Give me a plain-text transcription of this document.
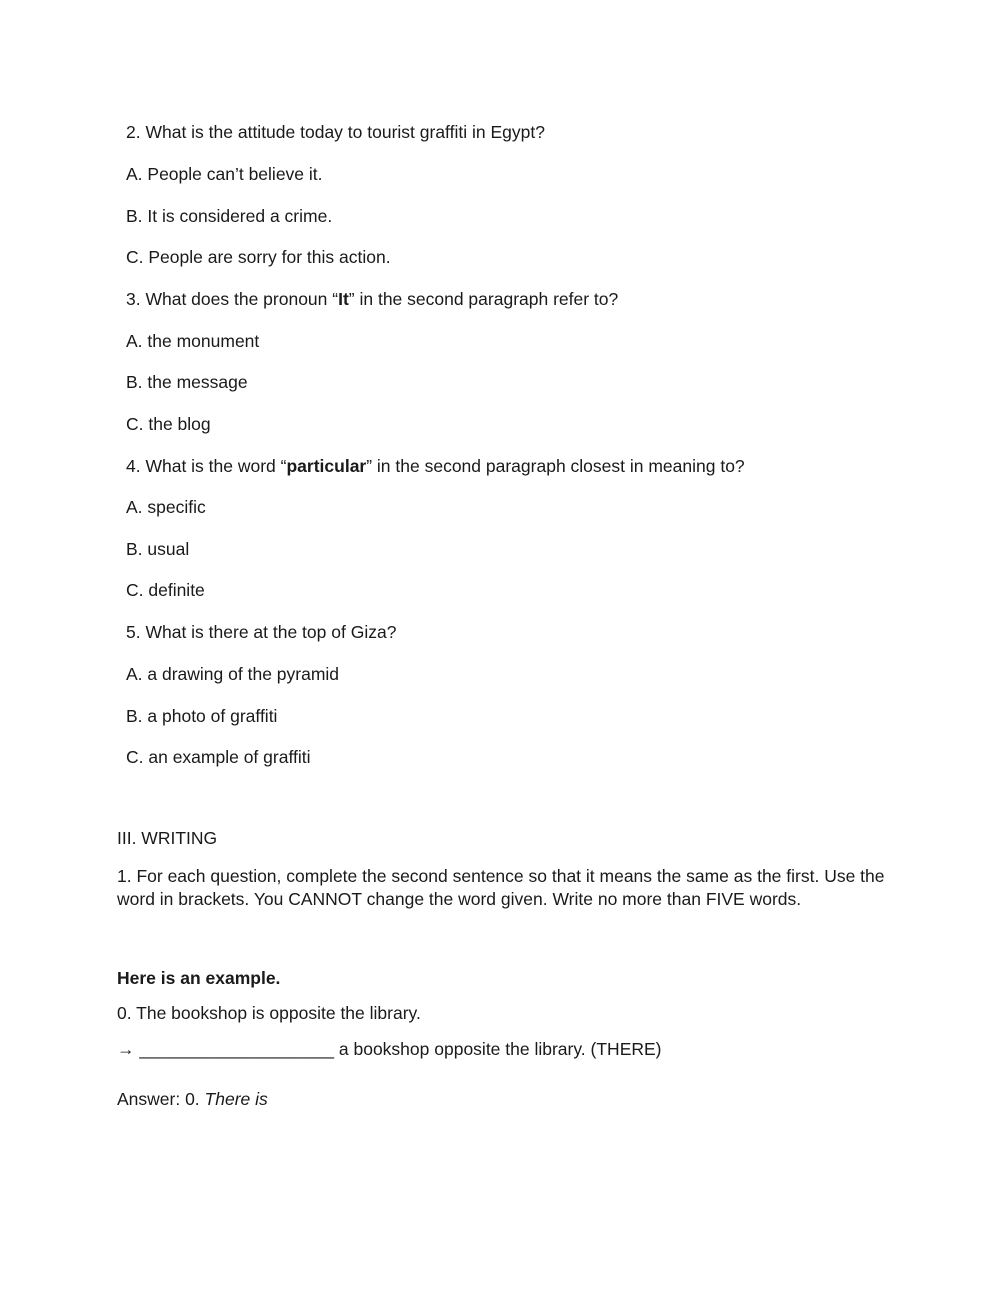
2. What is the attitude today to tourist graffiti in Egypt?
A. People can’t believe it.
B. It is considered a crime.
C. People are sorry for this action.
3. What does the pronoun “It” in the second paragraph refer to?
A. the monument
B. the message
C. the blog
4. What is the word “particular” in the second paragraph closest in meaning to?
A. specific
B. usual
C. definite
5. What is there at the top of Giza?
A. a drawing of the pyramid
B. a photo of graffiti
C. an example of graffiti
III. WRITING
1. For each question, complete the second sentence so that it means the same as the first. Use the word in brackets. You CANNOT change the word given. Write no more than FIVE words.
Here is an example.
0. The bookshop is opposite the library.
→ ____________________ a bookshop opposite the library. (THERE)
Answer: 0. There is
